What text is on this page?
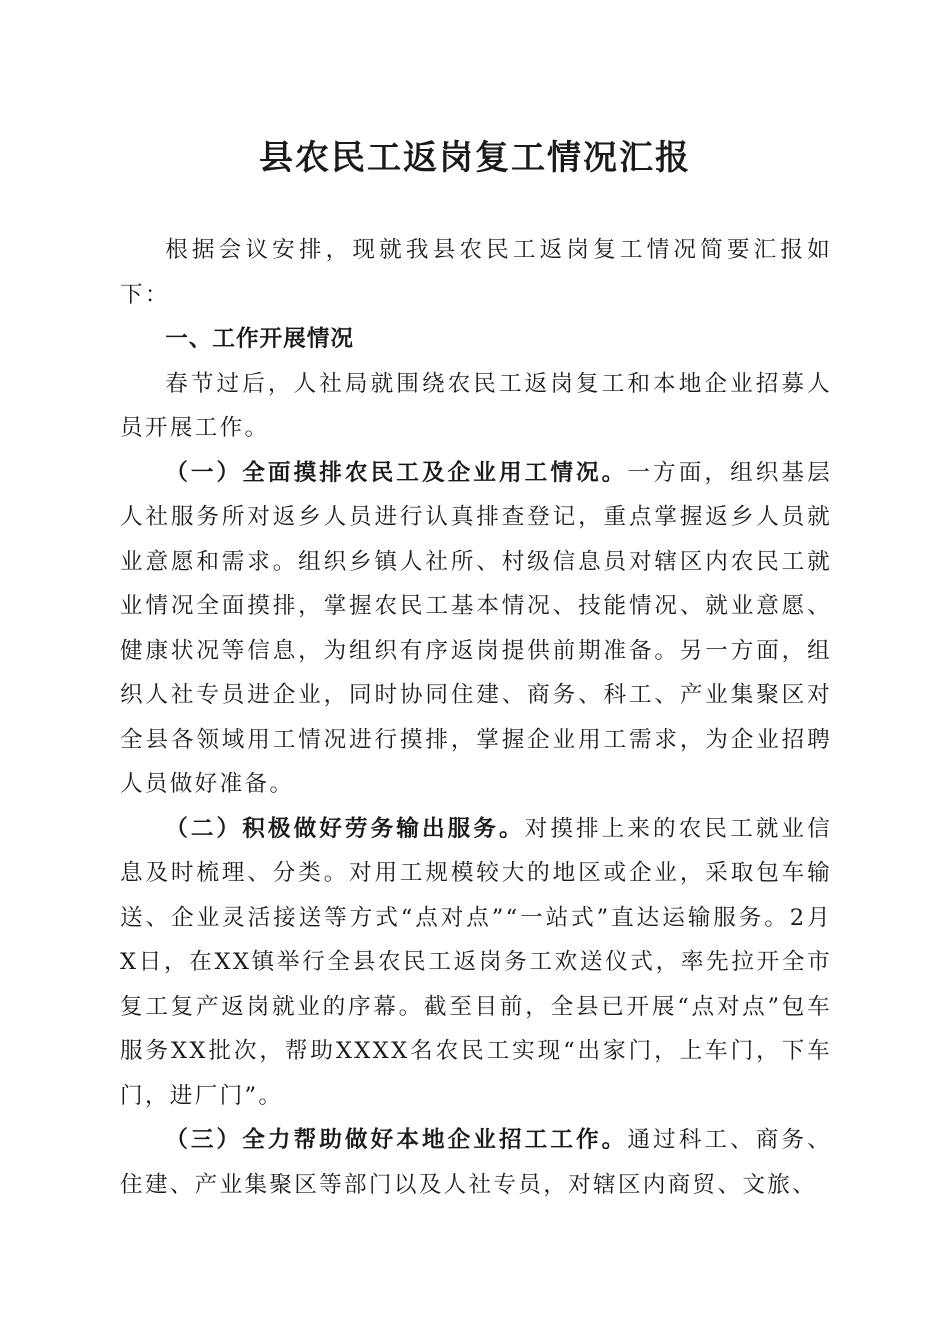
县农民工返岗复工情况汇报

根据会议安排，现就我县农民工返岗复工情况简要汇报如下：

一、工作开展情况

春节过后，人社局就围绕农民工返岗复工和本地企业招募人员开展工作。

（一）全面摸排农民工及企业用工情况。一方面，组织基层人社服务所对返乡人员进行认真排查登记，重点掌握返乡人员就业意愿和需求。组织乡镇人社所、村级信息员对辖区内农民工就业情况全面摸排，掌握农民工基本情况、技能情况、就业意愿、健康状况等信息，为组织有序返岗提供前期准备。另一方面，组织人社专员进企业，同时协同住建、商务、科工、产业集聚区对全县各领域用工情况进行摸排，掌握企业用工需求，为企业招聘人员做好准备。

（二）积极做好劳务输出服务。对摸排上来的农民工就业信息及时梳理、分类。对用工规模较大的地区或企业，采取包车输送、企业灵活接送等方式“点对点”“一站式”直达运输服务。2月X日，在XX镇举行全县农民工返岗务工欢送仪式，率先拉开全市复工复产返岗就业的序幕。截至目前，全县已开展“点对点”包车服务XX批次，帮助XXXX名农民工实现“出家门，上车门，下车门，进厂门”。

（三）全力帮助做好本地企业招工工作。通过科工、商务、住建、产业集聚区等部门以及人社专员，对辖区内商贸、文旅、
